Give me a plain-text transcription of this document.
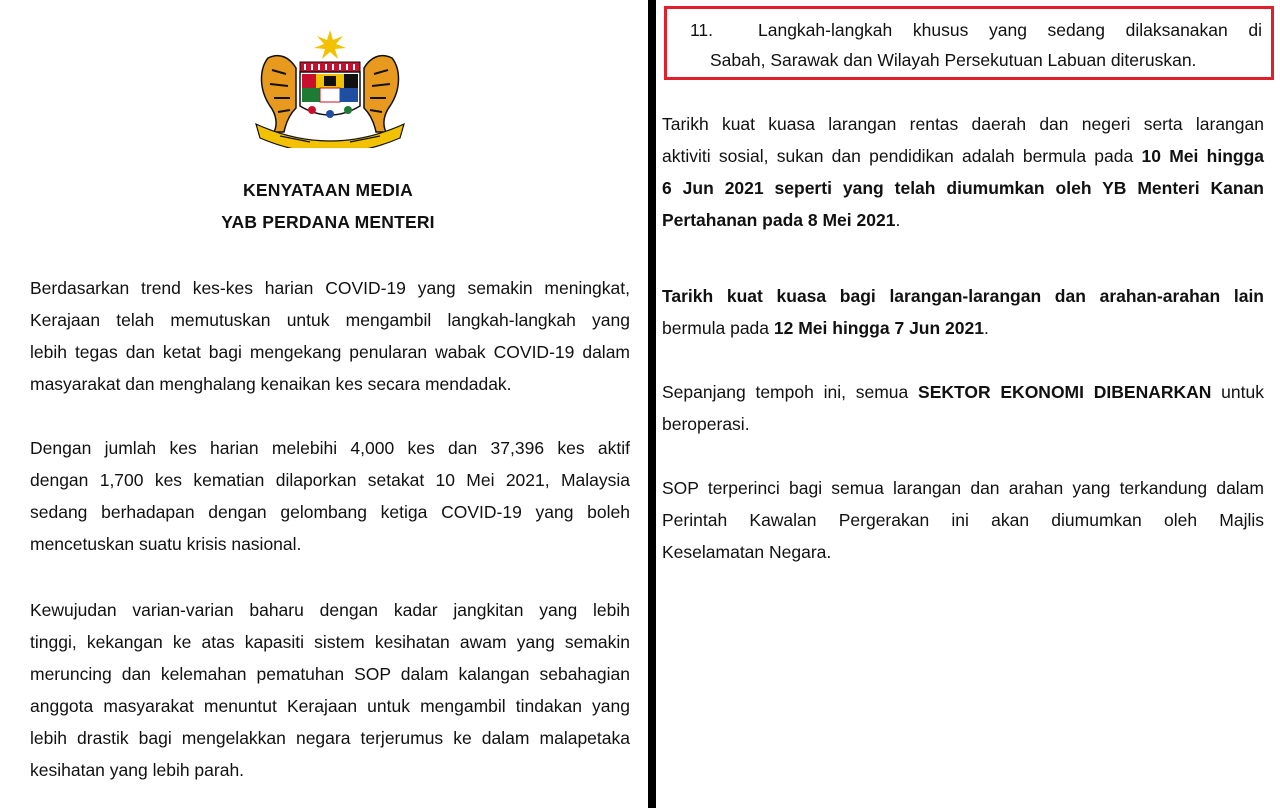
KENYATAAN MEDIA
YAB PERDANA MENTERI
Berdasarkan trend kes-kes harian COVID-19 yang semakin meningkat,
Kerajaan telah memutuskan untuk mengambil langkah-langkah yang
lebih tegas dan ketat bagi mengekang penularan wabak COVID-19 dalam
masyarakat dan menghalang kenaikan kes secara mendadak.
Dengan jumlah kes harian melebihi 4,000 kes dan 37,396 kes aktif
dengan 1,700 kes kematian dilaporkan setakat 10 Mei 2021, Malaysia
sedang berhadapan dengan gelombang ketiga COVID-19 yang boleh
mencetuskan suatu krisis nasional.
Kewujudan varian-varian baharu dengan kadar jangkitan yang lebih
tinggi, kekangan ke atas kapasiti sistem kesihatan awam yang semakin
meruncing dan kelemahan pematuhan SOP dalam kalangan sebahagian
anggota masyarakat menuntut Kerajaan untuk mengambil tindakan yang
lebih drastik bagi mengelakkan negara terjerumus ke dalam malapetaka
kesihatan yang lebih parah.
11.	Langkah-langkah khusus yang sedang dilaksanakan di
Sabah, Sarawak dan Wilayah Persekutuan Labuan diteruskan.
Tarikh kuat kuasa larangan rentas daerah dan negeri serta larangan
aktiviti sosial, sukan dan pendidikan adalah bermula pada 10 Mei hingga
6 Jun 2021 seperti yang telah diumumkan oleh YB Menteri Kanan
Pertahanan pada 8 Mei 2021.
Tarikh kuat kuasa bagi larangan-larangan dan arahan-arahan lain
bermula pada 12 Mei hingga 7 Jun 2021.
Sepanjang tempoh ini, semua SEKTOR EKONOMI DIBENARKAN untuk
beroperasi.
SOP terperinci bagi semua larangan dan arahan yang terkandung dalam
Perintah Kawalan Pergerakan ini akan diumumkan oleh Majlis
Keselamatan Negara.
